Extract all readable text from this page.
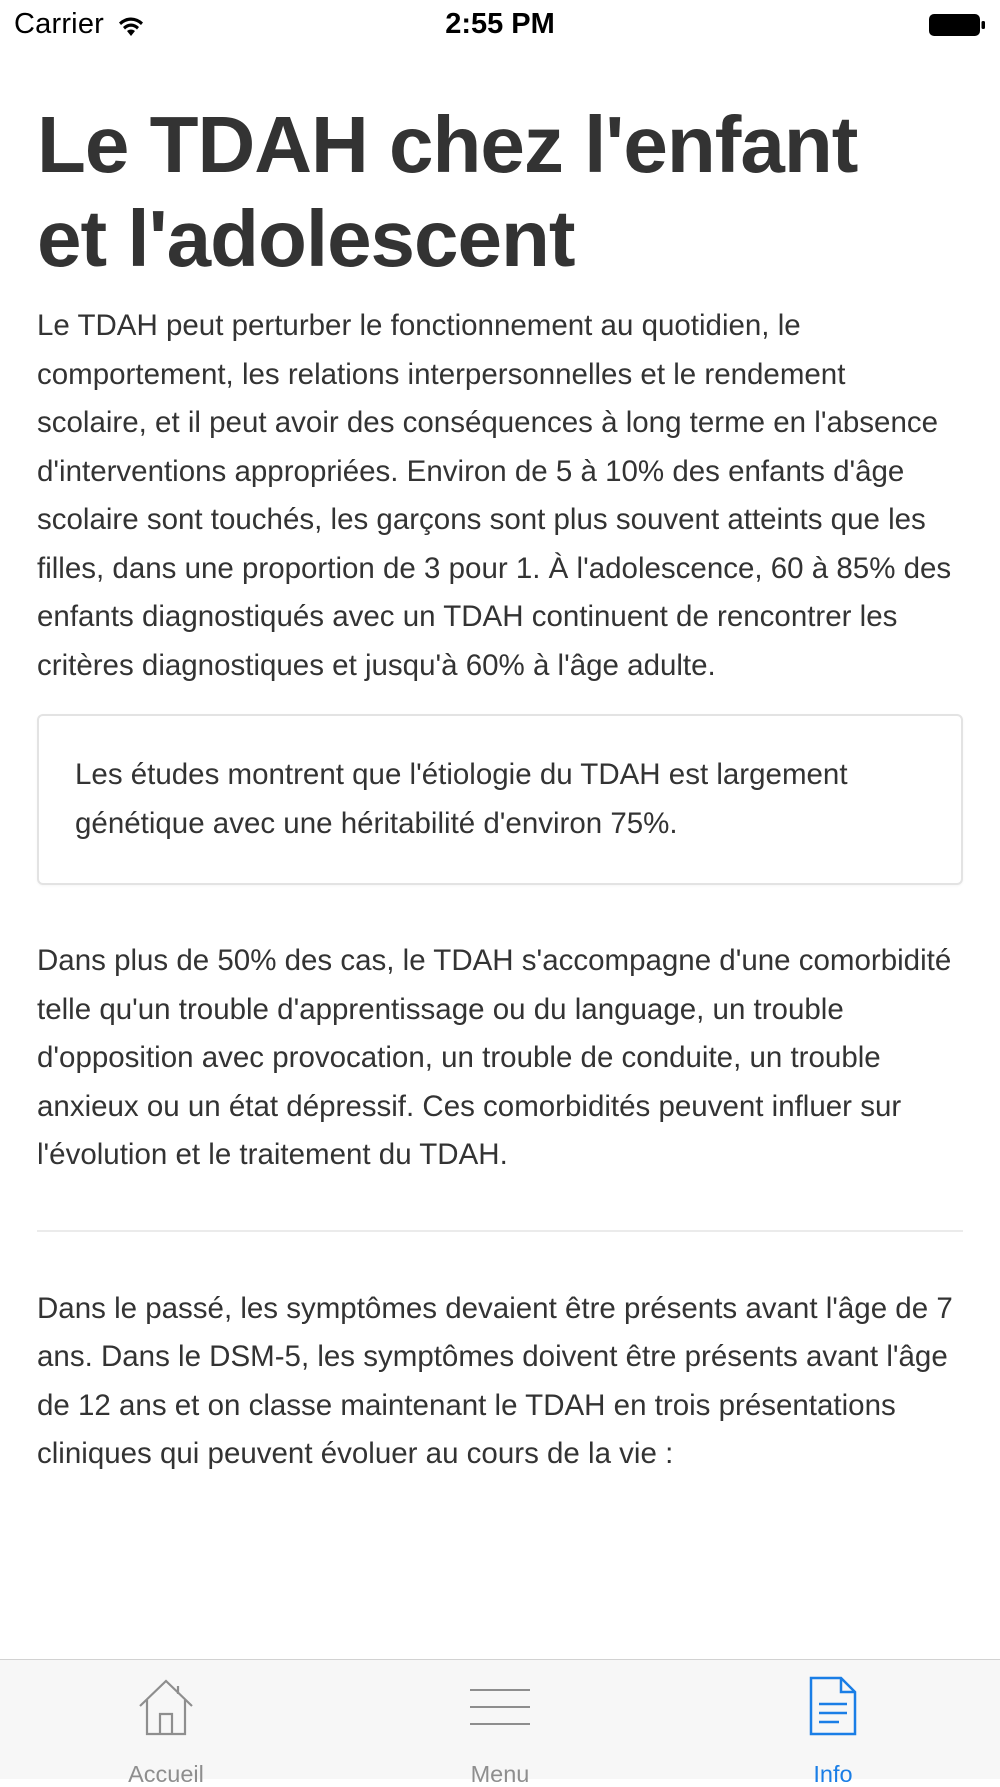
Carrier	2:55 PM
Le TDAH chez l'enfant
et l'adolescent

Le TDAH peut perturber le fonctionnement au quotidien, le comportement, les relations interpersonnelles et le rendement scolaire, et il peut avoir des conséquences à long terme en l'absence d'interventions appropriées. Environ de 5 à 10% des enfants d'âge scolaire sont touchés, les garçons sont plus souvent atteints que les filles, dans une proportion de 3 pour 1. À l'adolescence, 60 à 85% des enfants diagnostiqués avec un TDAH continuent de rencontrer les critères diagnostiques et jusqu'à 60% à l'âge adulte.

Les études montrent que l'étiologie du TDAH est largement génétique avec une héritabilité d'environ 75%.

Dans plus de 50% des cas, le TDAH s'accompagne d'une comorbidité telle qu'un trouble d'apprentissage ou du language, un trouble d'opposition avec provocation, un trouble de conduite, un trouble anxieux ou un état dépressif. Ces comorbidités peuvent influer sur l'évolution et le traitement du TDAH.

Dans le passé, les symptômes devaient être présents avant l'âge de 7 ans. Dans le DSM-5, les symptômes doivent être présents avant l'âge de 12 ans et on classe maintenant le TDAH en trois présentations cliniques qui peuvent évoluer au cours de la vie :

Accueil	Menu	Info
